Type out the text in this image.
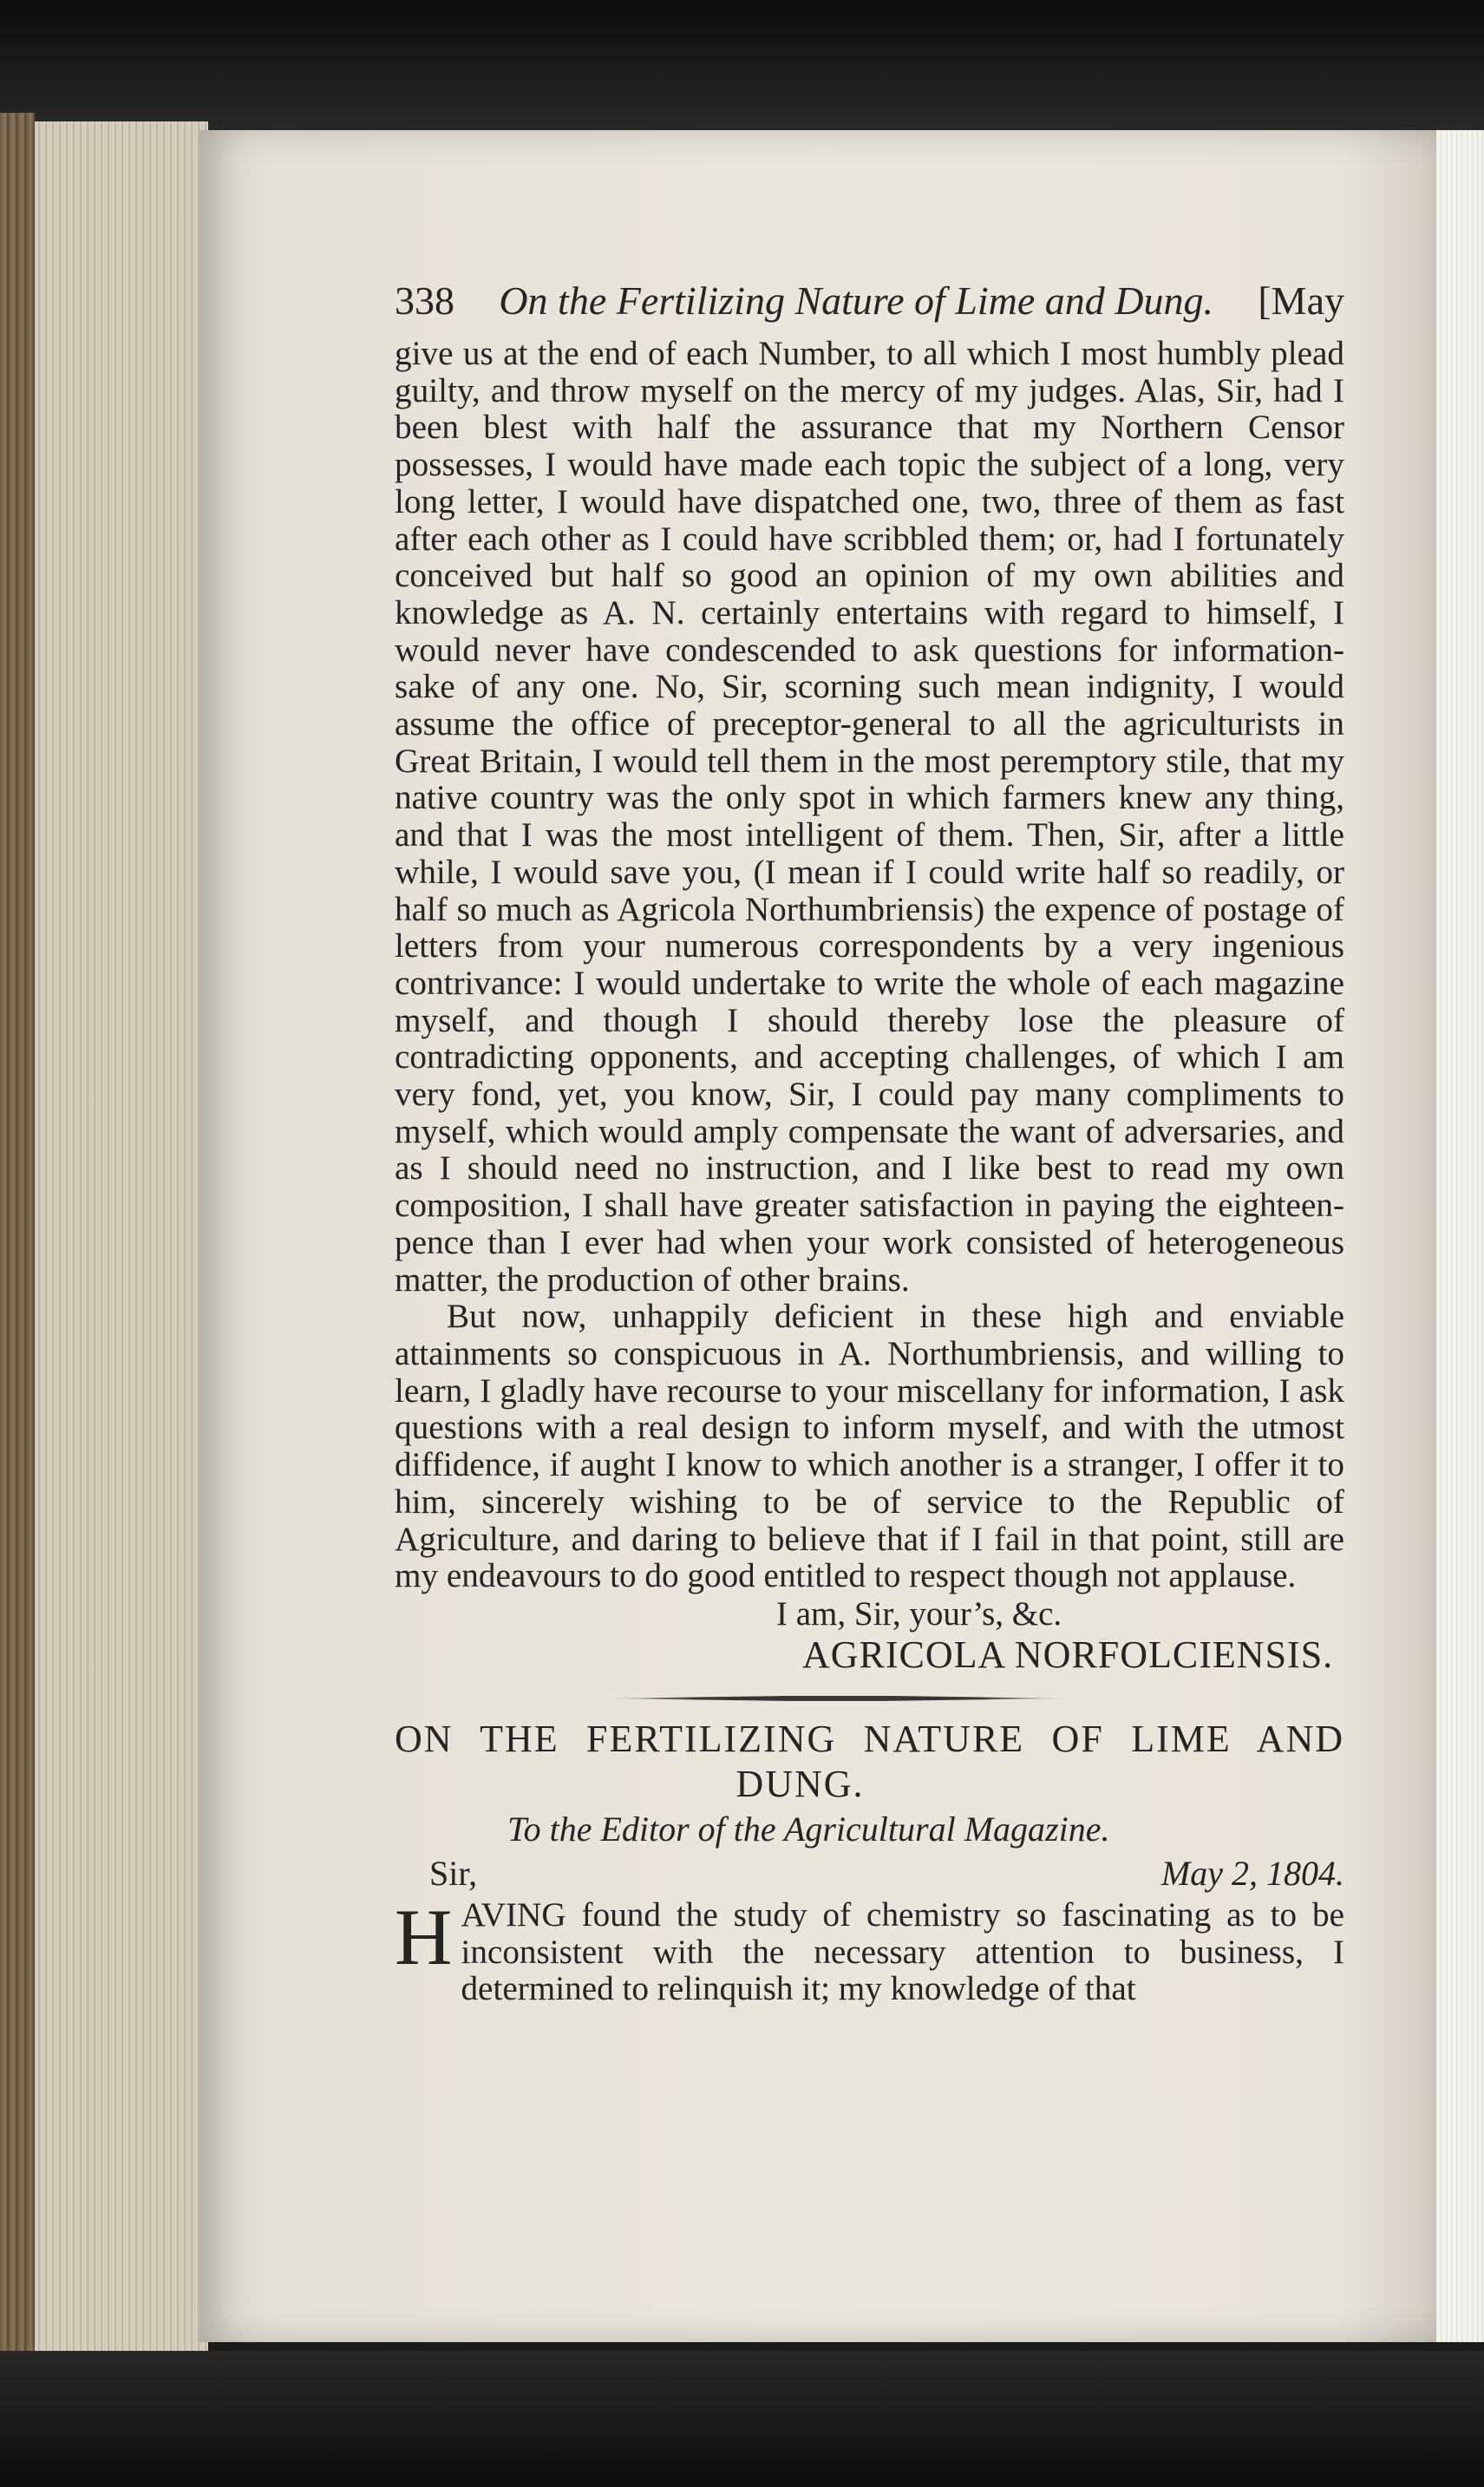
338 On the Fertilizing Nature of Lime and Dung. [May

give us at the end of each Number, to all which I most humbly plead guilty, and throw myself on the mercy of my judges. Alas, Sir, had I been blest with half the assurance that my Northern Censor possesses, I would have made each topic the subject of a long, very long letter, I would have dispatched one, two, three of them as fast after each other as I could have scribbled them; or, had I fortunately conceived but half so good an opinion of my own abilities and knowledge as A. N. certainly entertains with regard to himself, I would never have condescended to ask questions for information-sake of any one. No, Sir, scorning such mean indignity, I would assume the office of preceptor-general to all the agriculturists in Great Britain, I would tell them in the most peremptory stile, that my native country was the only spot in which farmers knew any thing, and that I was the most intelligent of them. Then, Sir, after a little while, I would save you, (I mean if I could write half so readily, or half so much as Agricola Northumbriensis) the expence of postage of letters from your numerous correspondents by a very ingenious contrivance: I would undertake to write the whole of each magazine myself, and though I should thereby lose the pleasure of contradicting opponents, and accepting challenges, of which I am very fond, yet, you know, Sir, I could pay many compliments to myself, which would amply compensate the want of adversaries, and as I should need no instruction, and I like best to read my own composition, I shall have greater satisfaction in paying the eighteen-pence than I ever had when your work consisted of heterogeneous matter, the production of other brains.

But now, unhappily deficient in these high and enviable attainments so conspicuous in A. Northumbriensis, and willing to learn, I gladly have recourse to your miscellany for information, I ask questions with a real design to inform myself, and with the utmost diffidence, if aught I know to which another is a stranger, I offer it to him, sincerely wishing to be of service to the Republic of Agriculture, and daring to believe that if I fail in that point, still are my endeavours to do good entitled to respect though not applause.

I am, Sir, your’s, &c.
AGRICOLA NORFOLCIENSIS.
ON THE FERTILIZING NATURE OF LIME AND
DUNG.
To the Editor of the Agricultural Magazine.
Sir,	May 2, 1804.
H AVING found the study of chemistry so fascinating as to be inconsistent with the necessary attention to business, I determined to relinquish it; my knowledge of that
